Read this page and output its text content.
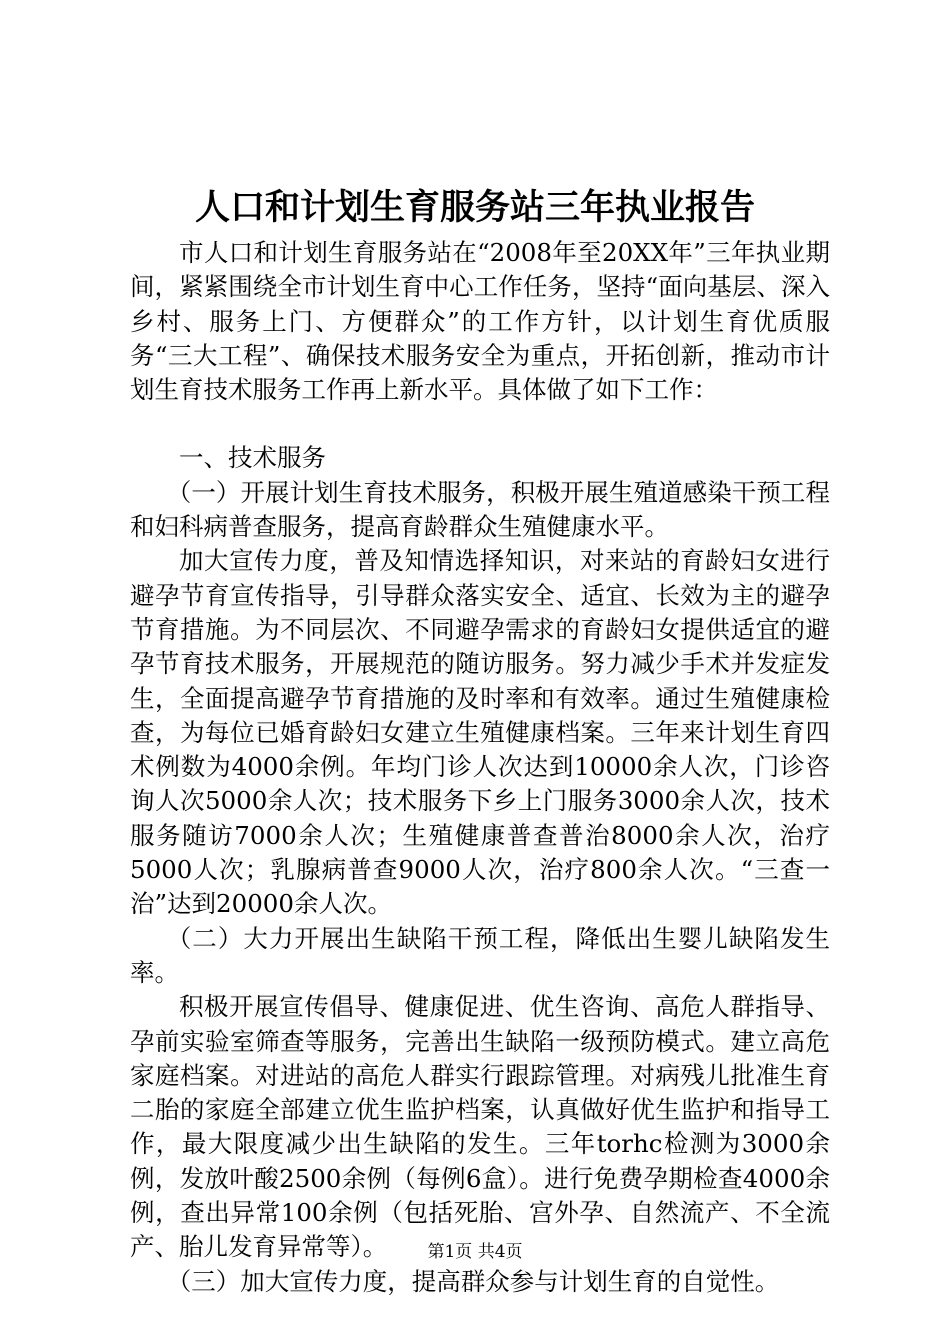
人口和计划生育服务站三年执业报告

市人口和计划生育服务站在“2008年至20XX年”三年执业期间，紧紧围绕全市计划生育中心工作任务，坚持“面向基层、深入乡村、服务上门、方便群众”的工作方针，以计划生育优质服务“三大工程”、确保技术服务安全为重点，开拓创新，推动市计划生育技术服务工作再上新水平。具体做了如下工作：

一、技术服务

（一）开展计划生育技术服务，积极开展生殖道感染干预工程和妇科病普查服务，提高育龄群众生殖健康水平。

加大宣传力度，普及知情选择知识，对来站的育龄妇女进行避孕节育宣传指导，引导群众落实安全、适宜、长效为主的避孕节育措施。为不同层次、不同避孕需求的育龄妇女提供适宜的避孕节育技术服务，开展规范的随访服务。努力减少手术并发症发生，全面提高避孕节育措施的及时率和有效率。通过生殖健康检查，为每位已婚育龄妇女建立生殖健康档案。三年来计划生育四术例数为4000余例。年均门诊人次达到10000余人次，门诊咨询人次5000余人次；技术服务下乡上门服务3000余人次，技术服务随访7000余人次；生殖健康普查普治8000余人次，治疗5000人次；乳腺病普查9000人次，治疗800余人次。“三查一治”达到20000余人次。

（二）大力开展出生缺陷干预工程，降低出生婴儿缺陷发生率。

积极开展宣传倡导、健康促进、优生咨询、高危人群指导、孕前实验室筛查等服务，完善出生缺陷一级预防模式。建立高危家庭档案。对进站的高危人群实行跟踪管理。对病残儿批准生育二胎的家庭全部建立优生监护档案，认真做好优生监护和指导工作，最大限度减少出生缺陷的发生。三年torhc检测为3000余例，发放叶酸2500余例（每例6盒）。进行免费孕期检查4000余例，查出异常100余例（包括死胎、宫外孕、自然流产、不全流产、胎儿发育异常等）。

（三）加大宣传力度，提高群众参与计划生育的自觉性。

第1页 共4页
